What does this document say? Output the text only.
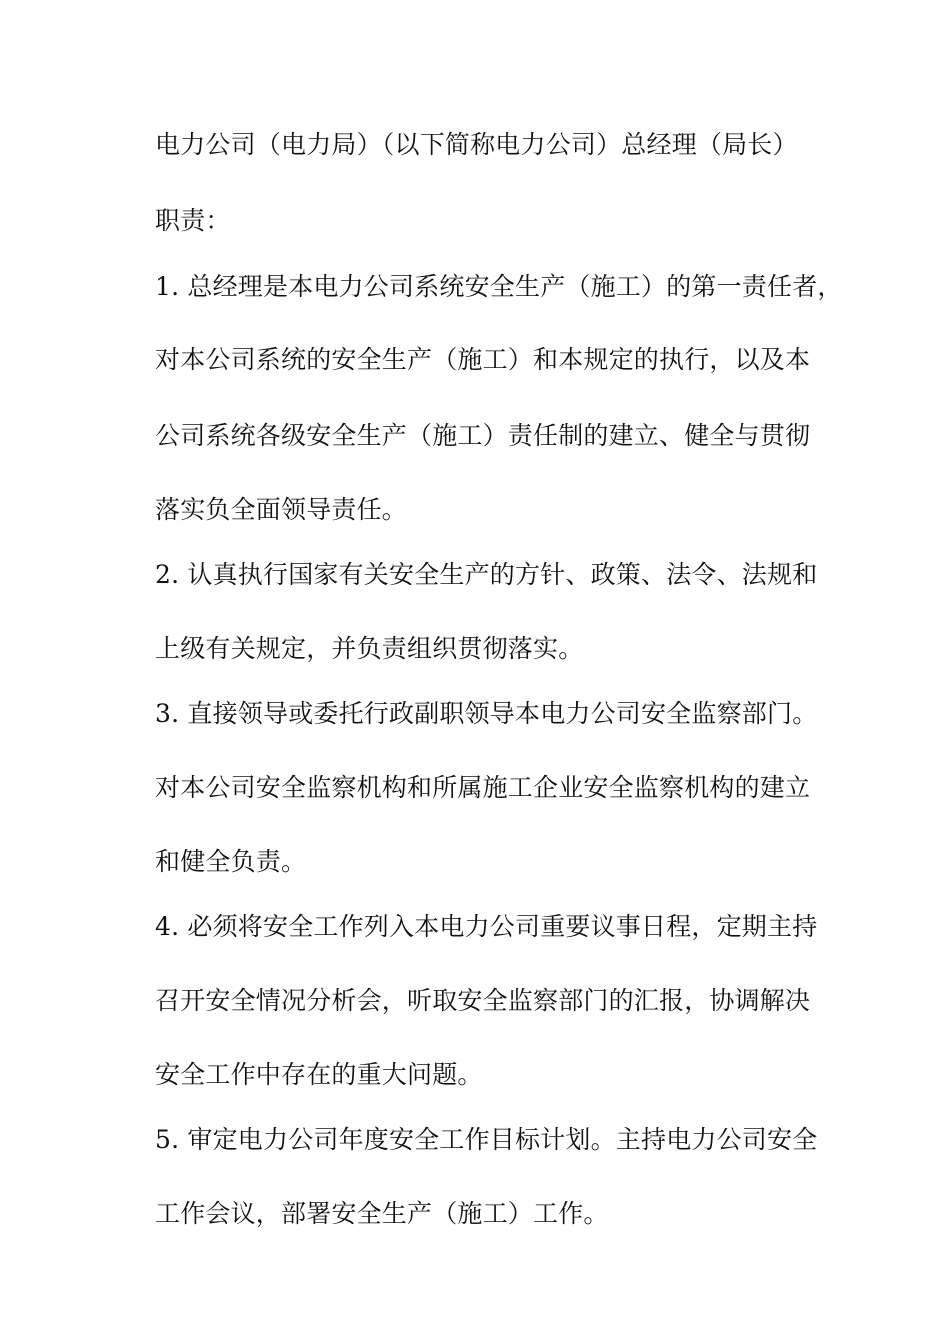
电力公司（电力局）（以下简称电力公司）总经理（局长）
职责：
1. 总经理是本电力公司系统安全生产（施工）的第一责任者，
对本公司系统的安全生产（施工）和本规定的执行，以及本
公司系统各级安全生产（施工）责任制的建立、健全与贯彻
落实负全面领导责任。
2. 认真执行国家有关安全生产的方针、政策、法令、法规和
上级有关规定，并负责组织贯彻落实。
3. 直接领导或委托行政副职领导本电力公司安全监察部门。
对本公司安全监察机构和所属施工企业安全监察机构的建立
和健全负责。
4. 必须将安全工作列入本电力公司重要议事日程，定期主持
召开安全情况分析会，听取安全监察部门的汇报，协调解决
安全工作中存在的重大问题。
5. 审定电力公司年度安全工作目标计划。主持电力公司安全
工作会议，部署安全生产（施工）工作。
